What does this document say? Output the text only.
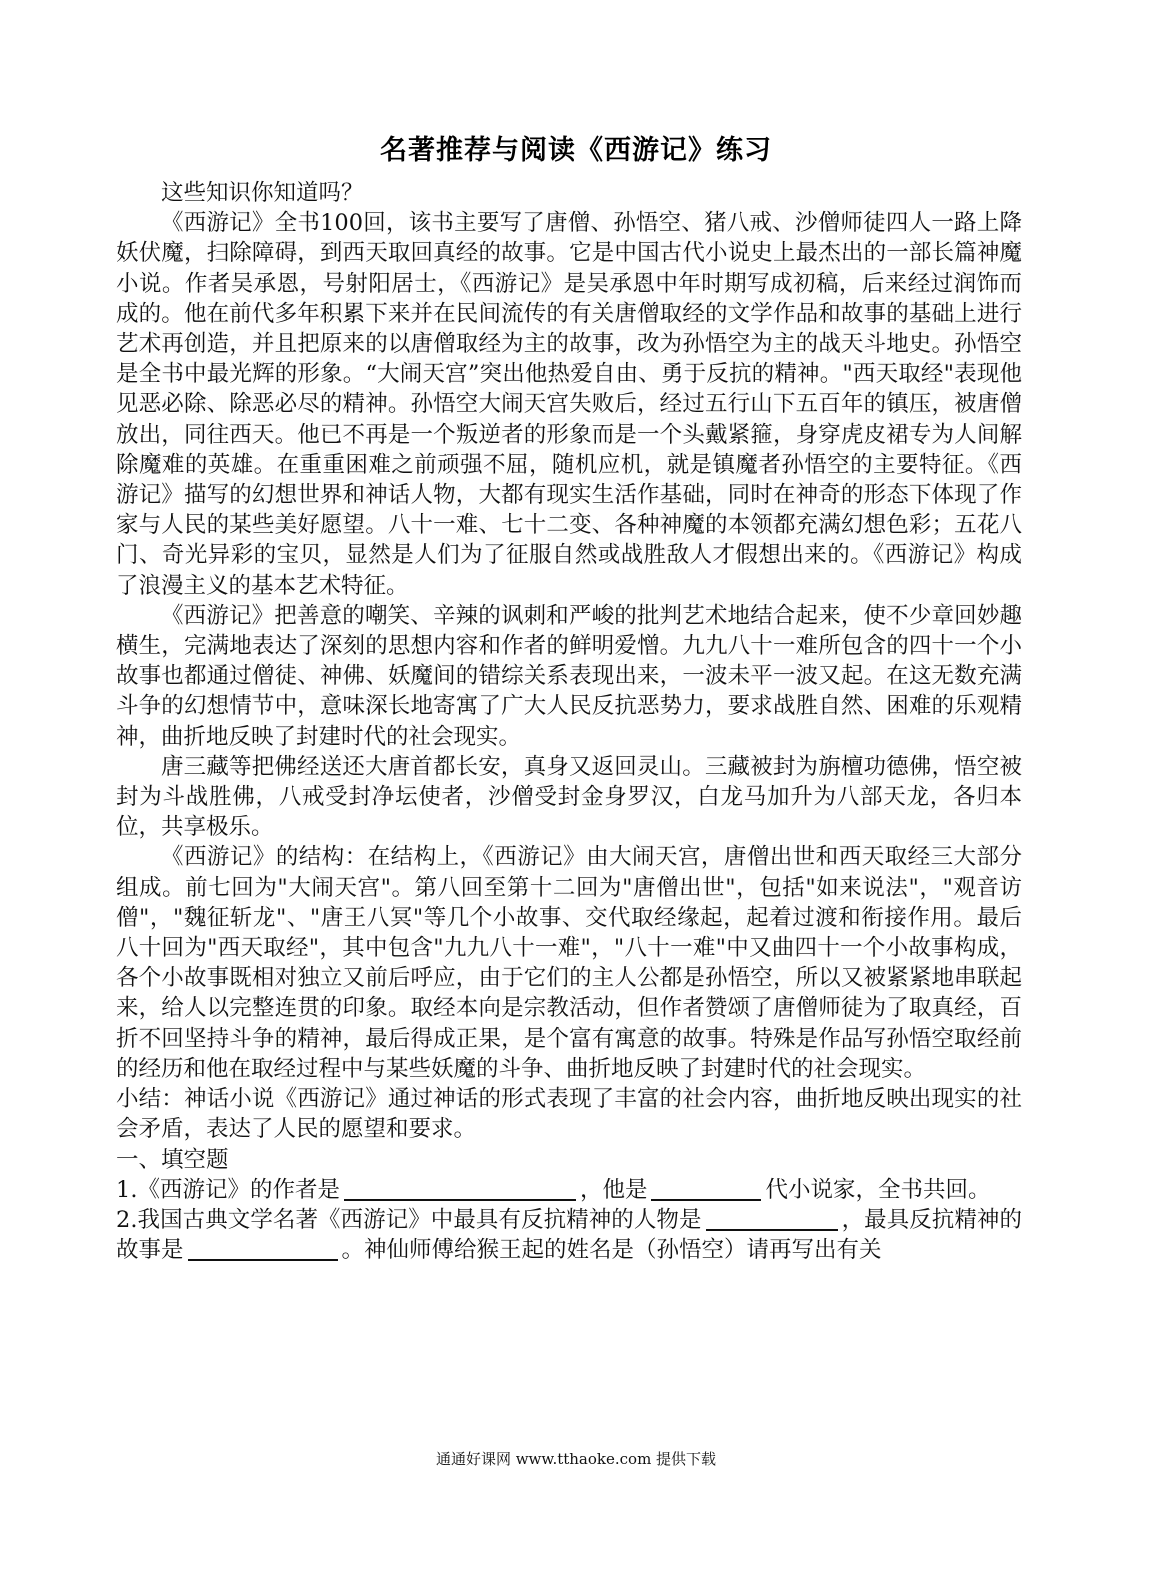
名著推荐与阅读《西游记》练习

这些知识你知道吗？

《西游记》全书100回，该书主要写了唐僧、孙悟空、猪八戒、沙僧师徒四人一路上降妖伏魔，扫除障碍，到西天取回真经的故事。它是中国古代小说史上最杰出的一部长篇神魔小说。作者吴承恩，号射阳居士，《西游记》是吴承恩中年时期写成初稿，后来经过润饰而成的。他在前代多年积累下来并在民间流传的有关唐僧取经的文学作品和故事的基础上进行艺术再创造，并且把原来的以唐僧取经为主的故事，改为孙悟空为主的战天斗地史。孙悟空是全书中最光辉的形象。“大闹天宫”突出他热爱自由、勇于反抗的精神。"西天取经"表现他见恶必除、除恶必尽的精神。孙悟空大闹天宫失败后，经过五行山下五百年的镇压，被唐僧放出，同往西天。他已不再是一个叛逆者的形象而是一个头戴紧箍，身穿虎皮裙专为人间解除魔难的英雄。在重重困难之前顽强不屈，随机应机，就是镇魔者孙悟空的主要特征。《西游记》描写的幻想世界和神话人物，大都有现实生活作基础，同时在神奇的形态下体现了作家与人民的某些美好愿望。八十一难、七十二变、各种神魔的本领都充满幻想色彩；五花八门、奇光异彩的宝贝，显然是人们为了征服自然或战胜敌人才假想出来的。《西游记》构成了浪漫主义的基本艺术特征。

《西游记》把善意的嘲笑、辛辣的讽刺和严峻的批判艺术地结合起来，使不少章回妙趣横生，完满地表达了深刻的思想内容和作者的鲜明爱憎。九九八十一难所包含的四十一个小故事也都通过僧徒、神佛、妖魔间的错综关系表现出来，一波未平一波又起。在这无数充满斗争的幻想情节中，意味深长地寄寓了广大人民反抗恶势力，要求战胜自然、困难的乐观精神，曲折地反映了封建时代的社会现实。

唐三藏等把佛经送还大唐首都长安，真身又返回灵山。三藏被封为旃檀功德佛，悟空被封为斗战胜佛，八戒受封净坛使者，沙僧受封金身罗汉，白龙马加升为八部天龙，各归本位，共享极乐。

《西游记》的结构：在结构上，《西游记》由大闹天宫，唐僧出世和西天取经三大部分组成。前七回为"大闹天宫"。第八回至第十二回为"唐僧出世"，包括"如来说法"，"观音访僧"，"魏征斩龙"、"唐王八冥"等几个小故事、交代取经缘起，起着过渡和衔接作用。最后八十回为"西天取经"，其中包含"九九八十一难"，"八十一难"中又曲四十一个小故事构成，各个小故事既相对独立又前后呼应，由于它们的主人公都是孙悟空，所以又被紧紧地串联起来，给人以完整连贯的印象。取经本向是宗教活动，但作者赞颂了唐僧师徒为了取真经，百折不回坚持斗争的精神，最后得成正果，是个富有寓意的故事。特殊是作品写孙悟空取经前的经历和他在取经过程中与某些妖魔的斗争、曲折地反映了封建时代的社会现实。

小结：神话小说《西游记》通过神话的形式表现了丰富的社会内容，曲折地反映出现实的社会矛盾，表达了人民的愿望和要求。

一、填空题

1.《西游记》的作者是	，他是	代小说家，全书共回。

2.我国古典文学名著《西游记》中最具有反抗精神的人物是	，最具反抗精神的故事是	。神仙师傅给猴王起的姓名是（孙悟空）请再写出有关

通通好课网 www.tthaoke.com 提供下载
